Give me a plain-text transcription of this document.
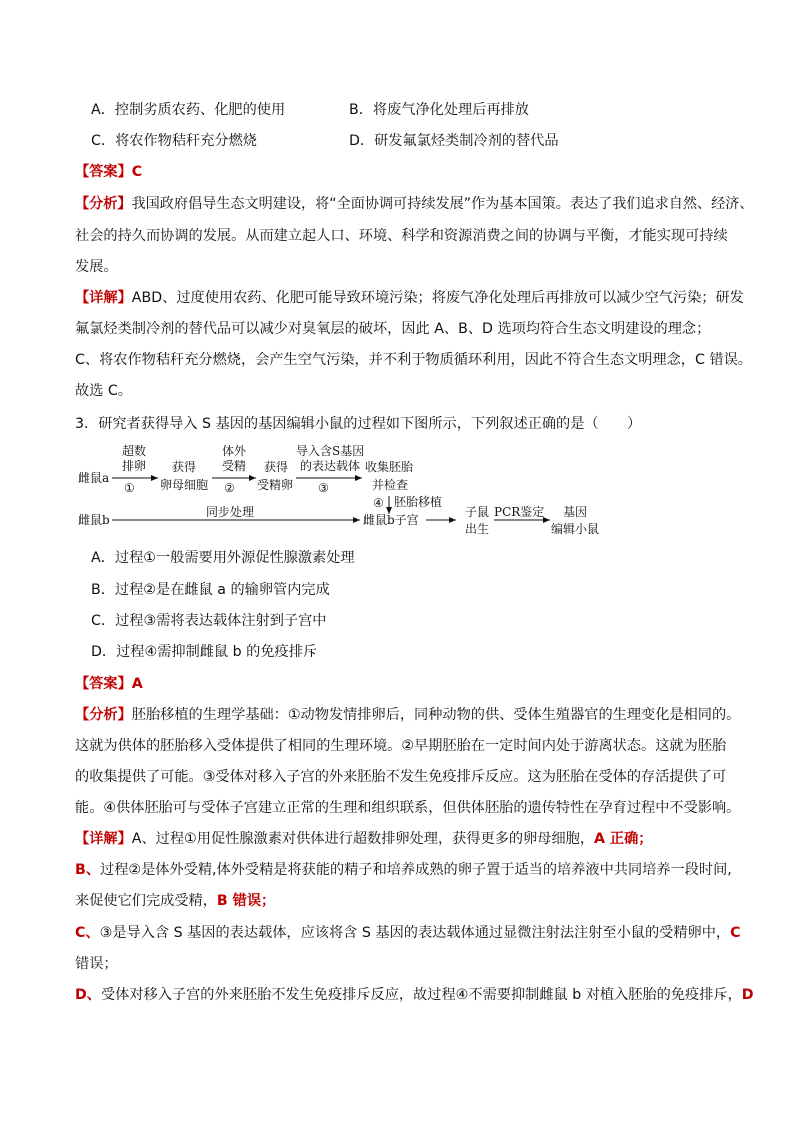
A．控制劣质农药、化肥的使用	B．将废气净化处理后再排放
C．将农作物秸秆充分燃烧	D．研发氟氯烃类制冷剂的替代品
【答案】C
【分析】我国政府倡导生态文明建设，将“全面协调可持续发展”作为基本国策。表达了我们追求自然、经济、
社会的持久而协调的发展。从而建立起人口、环境、科学和资源消费之间的协调与平衡，才能实现可持续
发展。
【详解】ABD、过度使用农药、化肥可能导致环境污染；将废气净化处理后再排放可以减少空气污染；研发
氟氯烃类制冷剂的替代品可以减少对臭氧层的破坏，因此 A、B、D 选项均符合生态文明建设的理念；
C、将农作物秸秆充分燃烧，会产生空气污染，并不利于物质循环利用，因此不符合生态文明理念，C 错误。
故选 C。
3．研究者获得导入 S 基因的基因编辑小鼠的过程如下图所示，下列叙述正确的是（　　）
雌鼠a
超数
排卵
①
获得
卵母细胞
体外
受精
②
获得
受精卵
导入含S基因
的表达载体
③
收集胚胎
并检查
④ 胚胎移植
雌鼠b
同步处理
雌鼠b子宫
子鼠
出生
PCR鉴定 基因
编辑小鼠
A．过程①一般需要用外源促性腺激素处理
B．过程②是在雌鼠 a 的输卵管内完成
C．过程③需将表达载体注射到子宫中
D．过程④需抑制雌鼠 b 的免疫排斥
【答案】A
【分析】胚胎移植的生理学基础：①动物发情排卵后，同种动物的供、受体生殖器官的生理变化是相同的。
这就为供体的胚胎移入受体提供了相同的生理环境。②早期胚胎在一定时间内处于游离状态。这就为胚胎
的收集提供了可能。③受体对移入子宫的外来胚胎不发生免疫排斥反应。这为胚胎在受体的存活提供了可
能。④供体胚胎可与受体子宫建立正常的生理和组织联系，但供体胚胎的遗传特性在孕育过程中不受影响。
【详解】A、过程①用促性腺激素对供体进行超数排卵处理，获得更多的卵母细胞，A 正确；
B、过程②是体外受精,体外受精是将获能的精子和培养成熟的卵子置于适当的培养液中共同培养一段时间,
来促使它们完成受精，B 错误；
C、③是导入含 S 基因的表达载体，应该将含 S 基因的表达载体通过显微注射法注射至小鼠的受精卵中，C
错误；
D、受体对移入子宫的外来胚胎不发生免疫排斥反应，故过程④不需要抑制雌鼠 b 对植入胚胎的免疫排斥，D
